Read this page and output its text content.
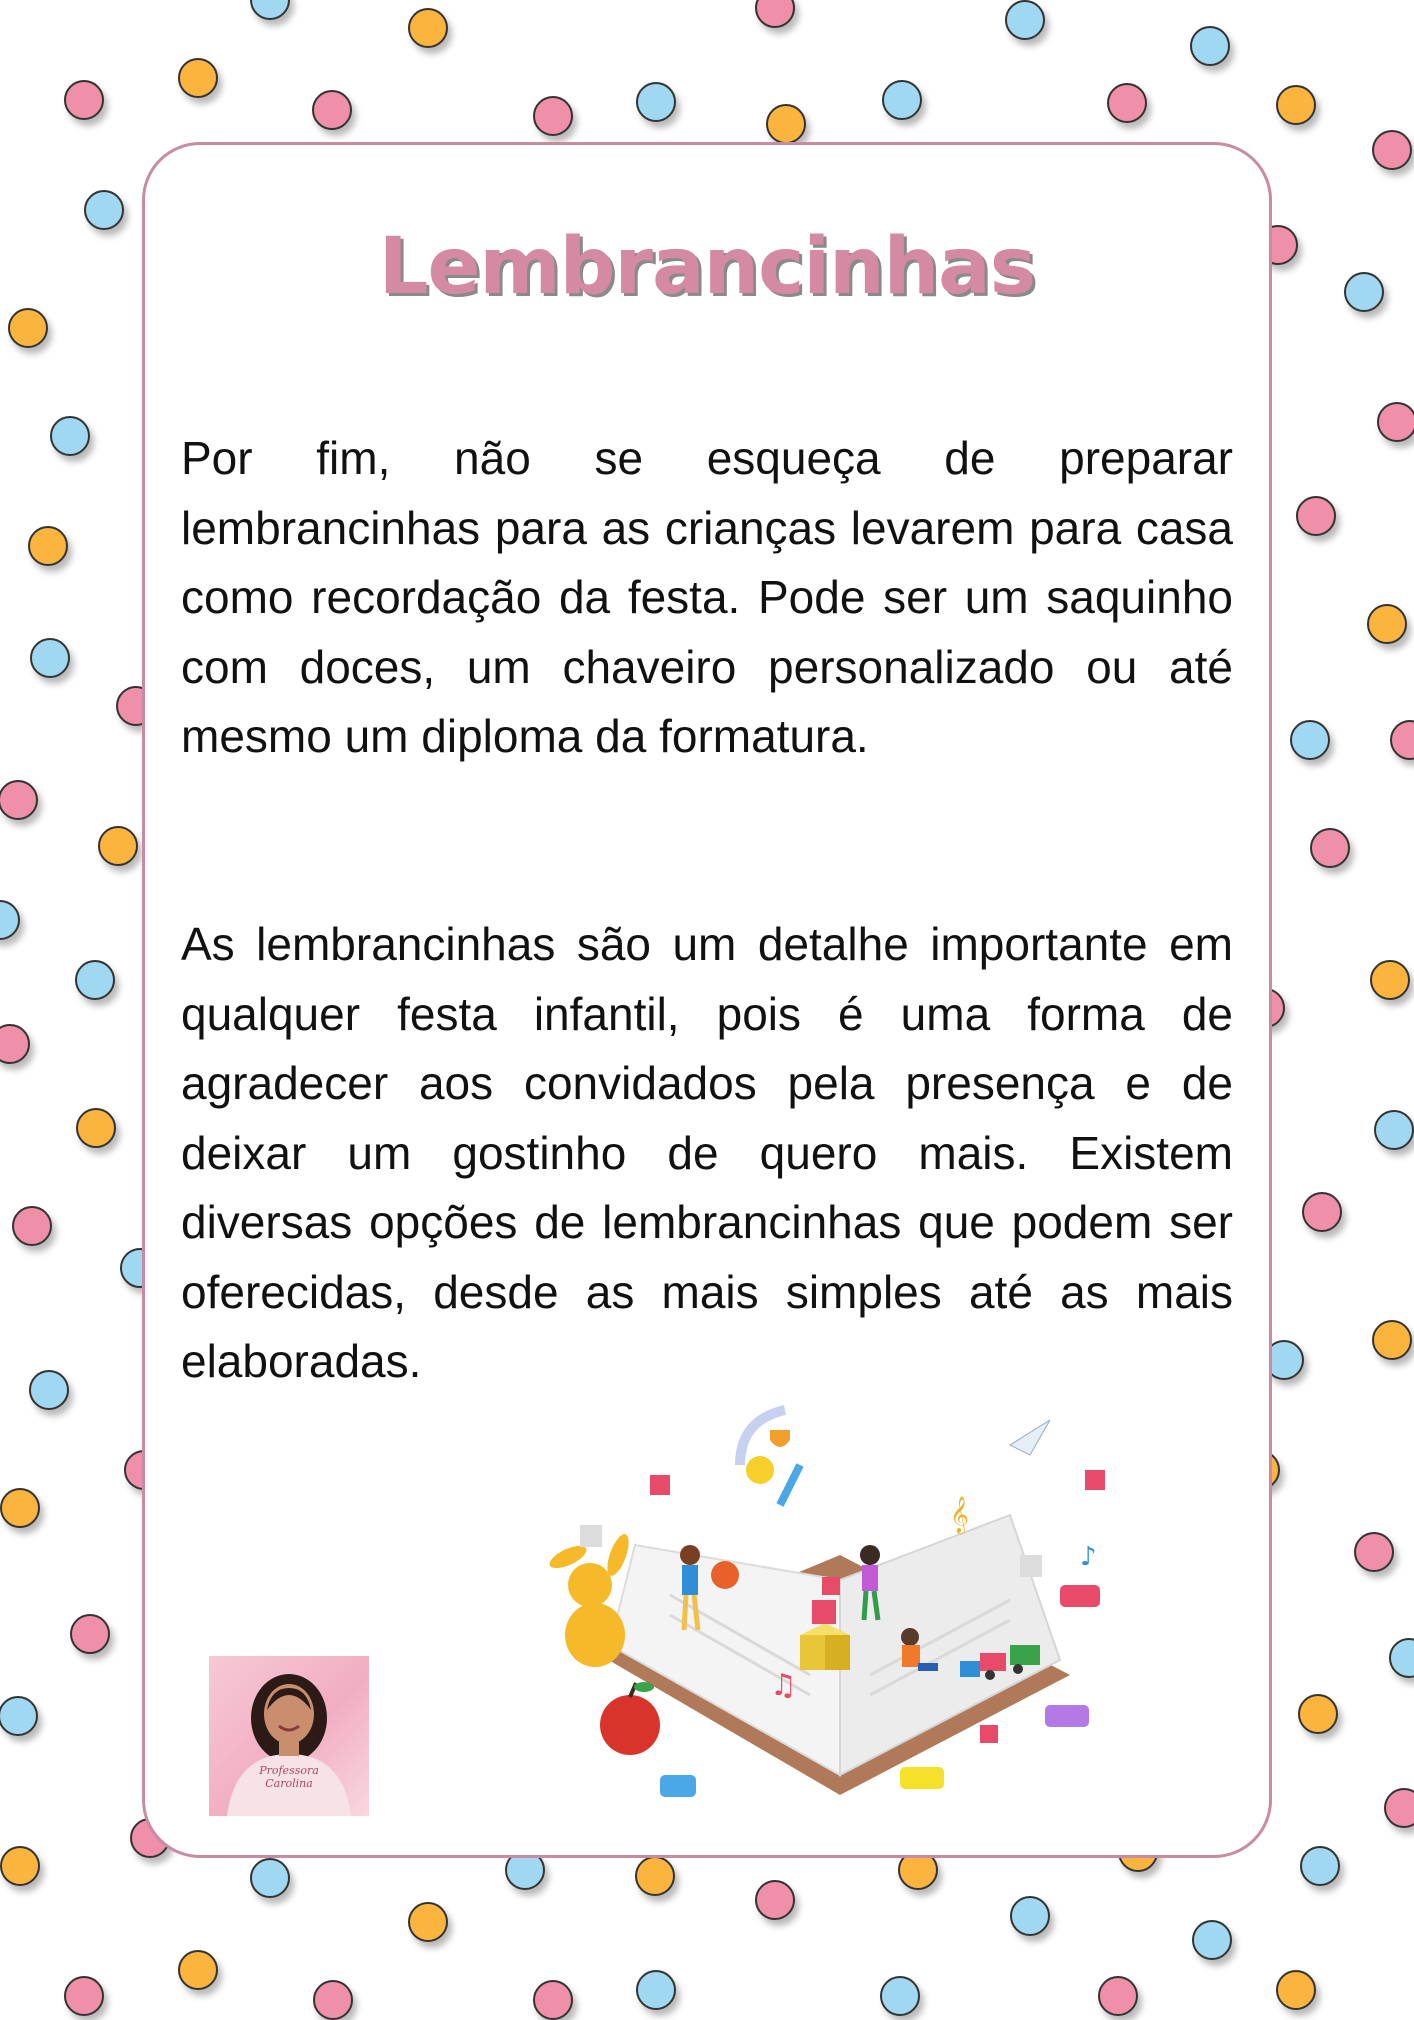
Lembrancinhas

Por fim, não se esqueça de preparar lembrancinhas para as crianças levarem para casa como recordação da festa. Pode ser um saquinho com doces, um chaveiro personalizado ou até mesmo um diploma da formatura.

As lembrancinhas são um detalhe importante em qualquer festa infantil, pois é uma forma de agradecer aos convidados pela presença e de deixar um gostinho de quero mais. Existem diversas opções de lembrancinhas que podem ser oferecidas, desde as mais simples até as mais elaboradas.

Professora Carolina
𝄞
♫
♪
